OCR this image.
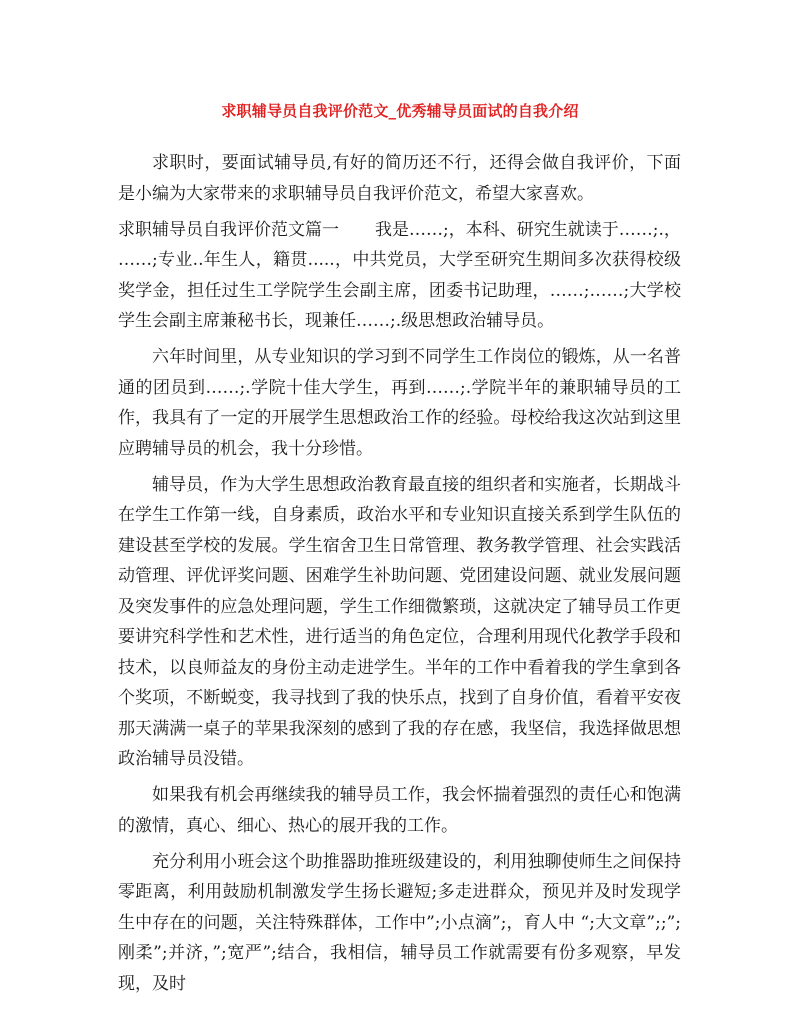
求职辅导员自我评价范文_优秀辅导员面试的自我介绍

求职时，要面试辅导员,有好的简历还不行，还得会做自我评价，下面是小编为大家带来的求职辅导员自我评价范文，希望大家喜欢。

求职辅导员自我评价范文篇一 我是……;，本科、研究生就读于……;.，

……;专业..年生人，籍贯.....，中共党员，大学至研究生期间多次获得校级奖学金，担任过生工学院学生会副主席，团委书记助理，……;……;大学校学生会副主席兼秘书长，现兼任……;.级思想政治辅导员。

六年时间里，从专业知识的学习到不同学生工作岗位的锻炼，从一名普通的团员到……;.学院十佳大学生，再到……;.学院半年的兼职辅导员的工作，我具有了一定的开展学生思想政治工作的经验。母校给我这次站到这里应聘辅导员的机会，我十分珍惜。

辅导员，作为大学生思想政治教育最直接的组织者和实施者，长期战斗在学生工作第一线，自身素质，政治水平和专业知识直接关系到学生队伍的建设甚至学校的发展。学生宿舍卫生日常管理、教务教学管理、社会实践活动管理、评优评奖问题、困难学生补助问题、党团建设问题、就业发展问题及突发事件的应急处理问题，学生工作细微繁琐，这就决定了辅导员工作更要讲究科学性和艺术性，进行适当的角色定位，合理利用现代化教学手段和技术，以良师益友的身份主动走进学生。半年的工作中看着我的学生拿到各个奖项，不断蜕变，我寻找到了我的快乐点，找到了自身价值，看着平安夜那天满满一桌子的苹果我深刻的感到了我的存在感，我坚信，我选择做思想政治辅导员没错。

如果我有机会再继续我的辅导员工作，我会怀揣着强烈的责任心和饱满的激情，真心、细心、热心的展开我的工作。

充分利用小班会这个助推器助推班级建设的，利用独聊使师生之间保持零距离，利用鼓励机制激发学生扬长避短;多走进群众，预见并及时发现学生中存在的问题，关注特殊群体，工作中”;小点滴”;，育人中 “;大文章”;;”;刚柔”;并济，”;宽严”;结合，我相信，辅导员工作就需要有份多观察，早发现，及时
